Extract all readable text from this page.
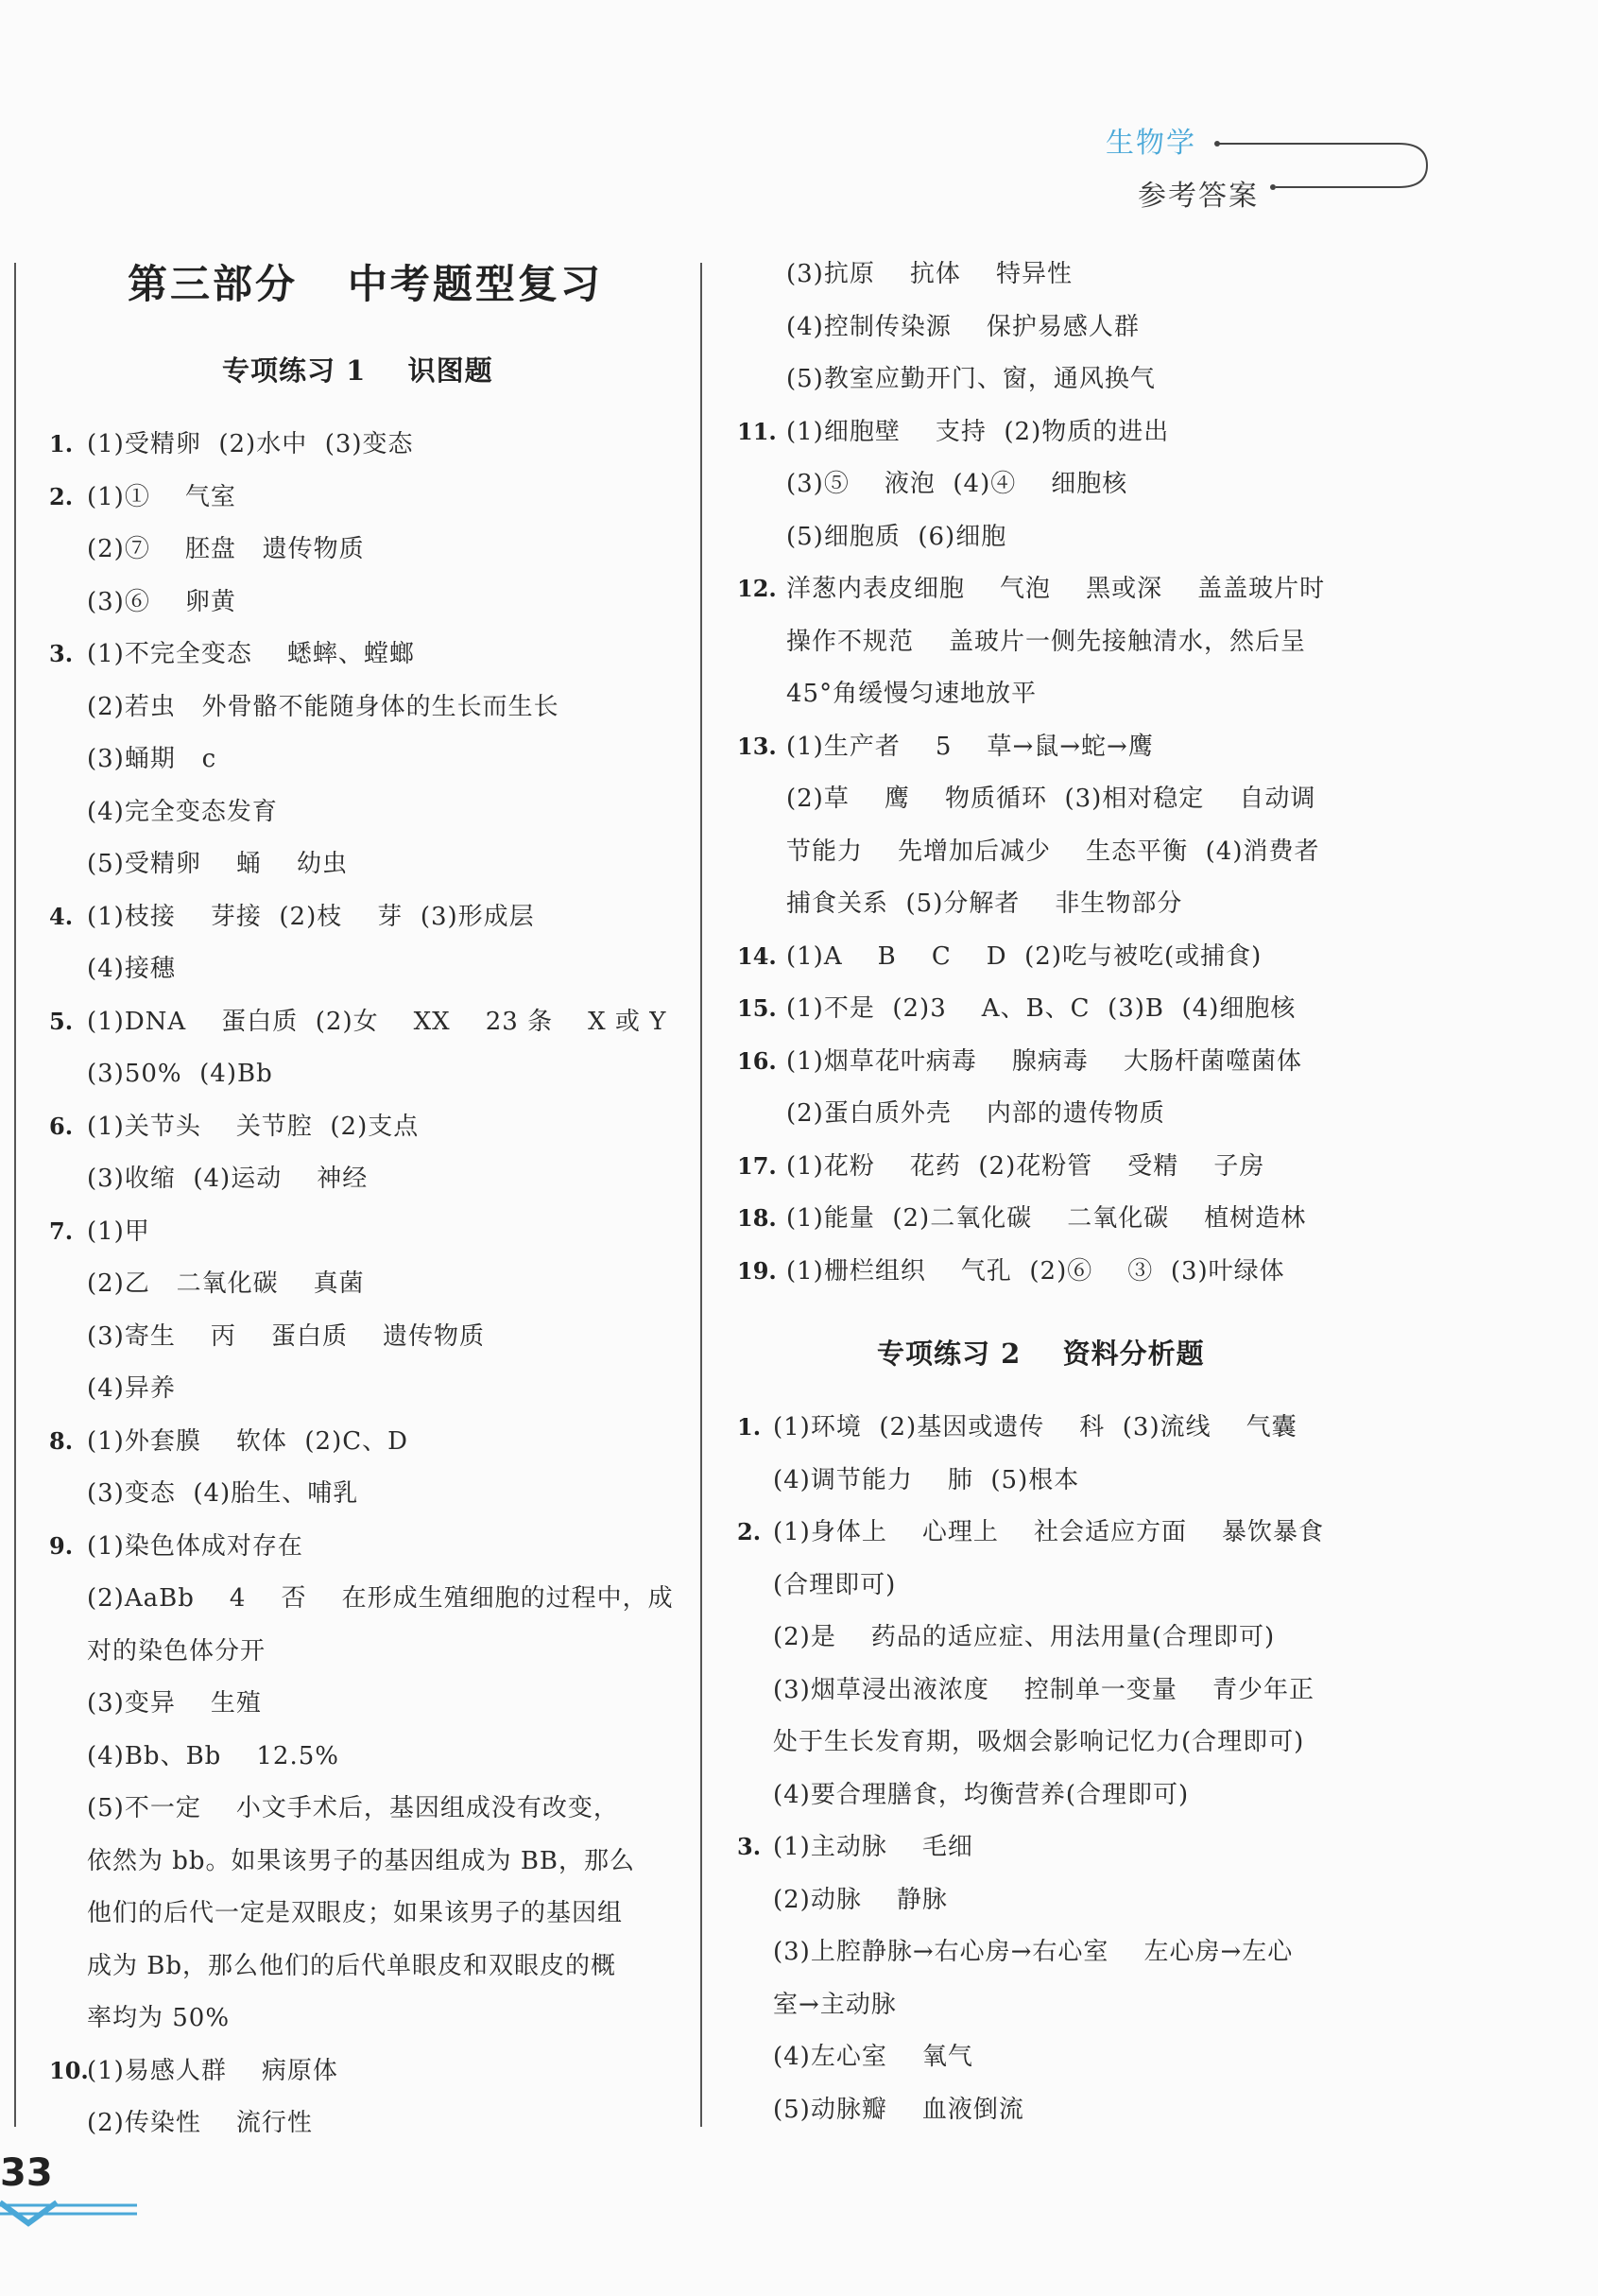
生物学
参考答案
第三部分   中考题型复习
专项练习 1    识图题
专项练习 2    资料分析题
1. (1)受精卵  (2)水中  (3)变态
2. (1)①    气室
(2)⑦    胚盘   遗传物质
(3)⑥    卵黄
3. (1)不完全变态    蟋蟀、螳螂
(2)若虫   外骨骼不能随身体的生长而生长
(3)蛹期   c
(4)完全变态发育
(5)受精卵    蛹    幼虫
4. (1)枝接    芽接  (2)枝    芽  (3)形成层
(4)接穗
5. (1)DNA    蛋白质  (2)女    XX    23 条    X 或 Y
(3)50%  (4)Bb
6. (1)关节头    关节腔  (2)支点
(3)收缩  (4)运动    神经
7. (1)甲
(2)乙   二氧化碳    真菌
(3)寄生    丙    蛋白质    遗传物质
(4)异养
8. (1)外套膜    软体  (2)C、D
(3)变态  (4)胎生、哺乳
9. (1)染色体成对存在
(2)AaBb    4    否    在形成生殖细胞的过程中，成
对的染色体分开
(3)变异    生殖
(4)Bb、Bb    12.5%
(5)不一定    小文手术后，基因组成没有改变，
依然为 bb。如果该男子的基因组成为 BB，那么
他们的后代一定是双眼皮；如果该男子的基因组
成为 Bb，那么他们的后代单眼皮和双眼皮的概
率均为 50%
10.
(1)易感人群    病原体
(2)传染性    流行性
(3)抗原    抗体    特异性
(4)控制传染源    保护易感人群
(5)教室应勤开门、窗，通风换气
11. (1)细胞壁    支持  (2)物质的进出
(3)⑤    液泡  (4)④    细胞核
(5)细胞质  (6)细胞
12. 洋葱内表皮细胞    气泡    黑或深    盖盖玻片时
操作不规范    盖玻片一侧先接触清水，然后呈
45°角缓慢匀速地放平
13. (1)生产者    5    草→鼠→蛇→鹰
(2)草    鹰    物质循环  (3)相对稳定    自动调
节能力    先增加后减少    生态平衡  (4)消费者
捕食关系  (5)分解者    非生物部分
14. (1)A    B    C    D  (2)吃与被吃(或捕食)
15. (1)不是  (2)3    A、B、C  (3)B  (4)细胞核
16. (1)烟草花叶病毒    腺病毒    大肠杆菌噬菌体
(2)蛋白质外壳    内部的遗传物质
17. (1)花粉    花药  (2)花粉管    受精    子房
18. (1)能量  (2)二氧化碳    二氧化碳    植树造林
19. (1)栅栏组织    气孔  (2)⑥    ③  (3)叶绿体
1. (1)环境  (2)基因或遗传    科  (3)流线    气囊
(4)调节能力    肺  (5)根本
2. (1)身体上    心理上    社会适应方面    暴饮暴食
(合理即可)
(2)是    药品的适应症、用法用量(合理即可)
(3)烟草浸出液浓度    控制单一变量    青少年正
处于生长发育期，吸烟会影响记忆力(合理即可)
(4)要合理膳食，均衡营养(合理即可)
3. (1)主动脉    毛细
(2)动脉    静脉
(3)上腔静脉→右心房→右心室    左心房→左心
室→主动脉
(4)左心室    氧气
(5)动脉瓣    血液倒流
33
